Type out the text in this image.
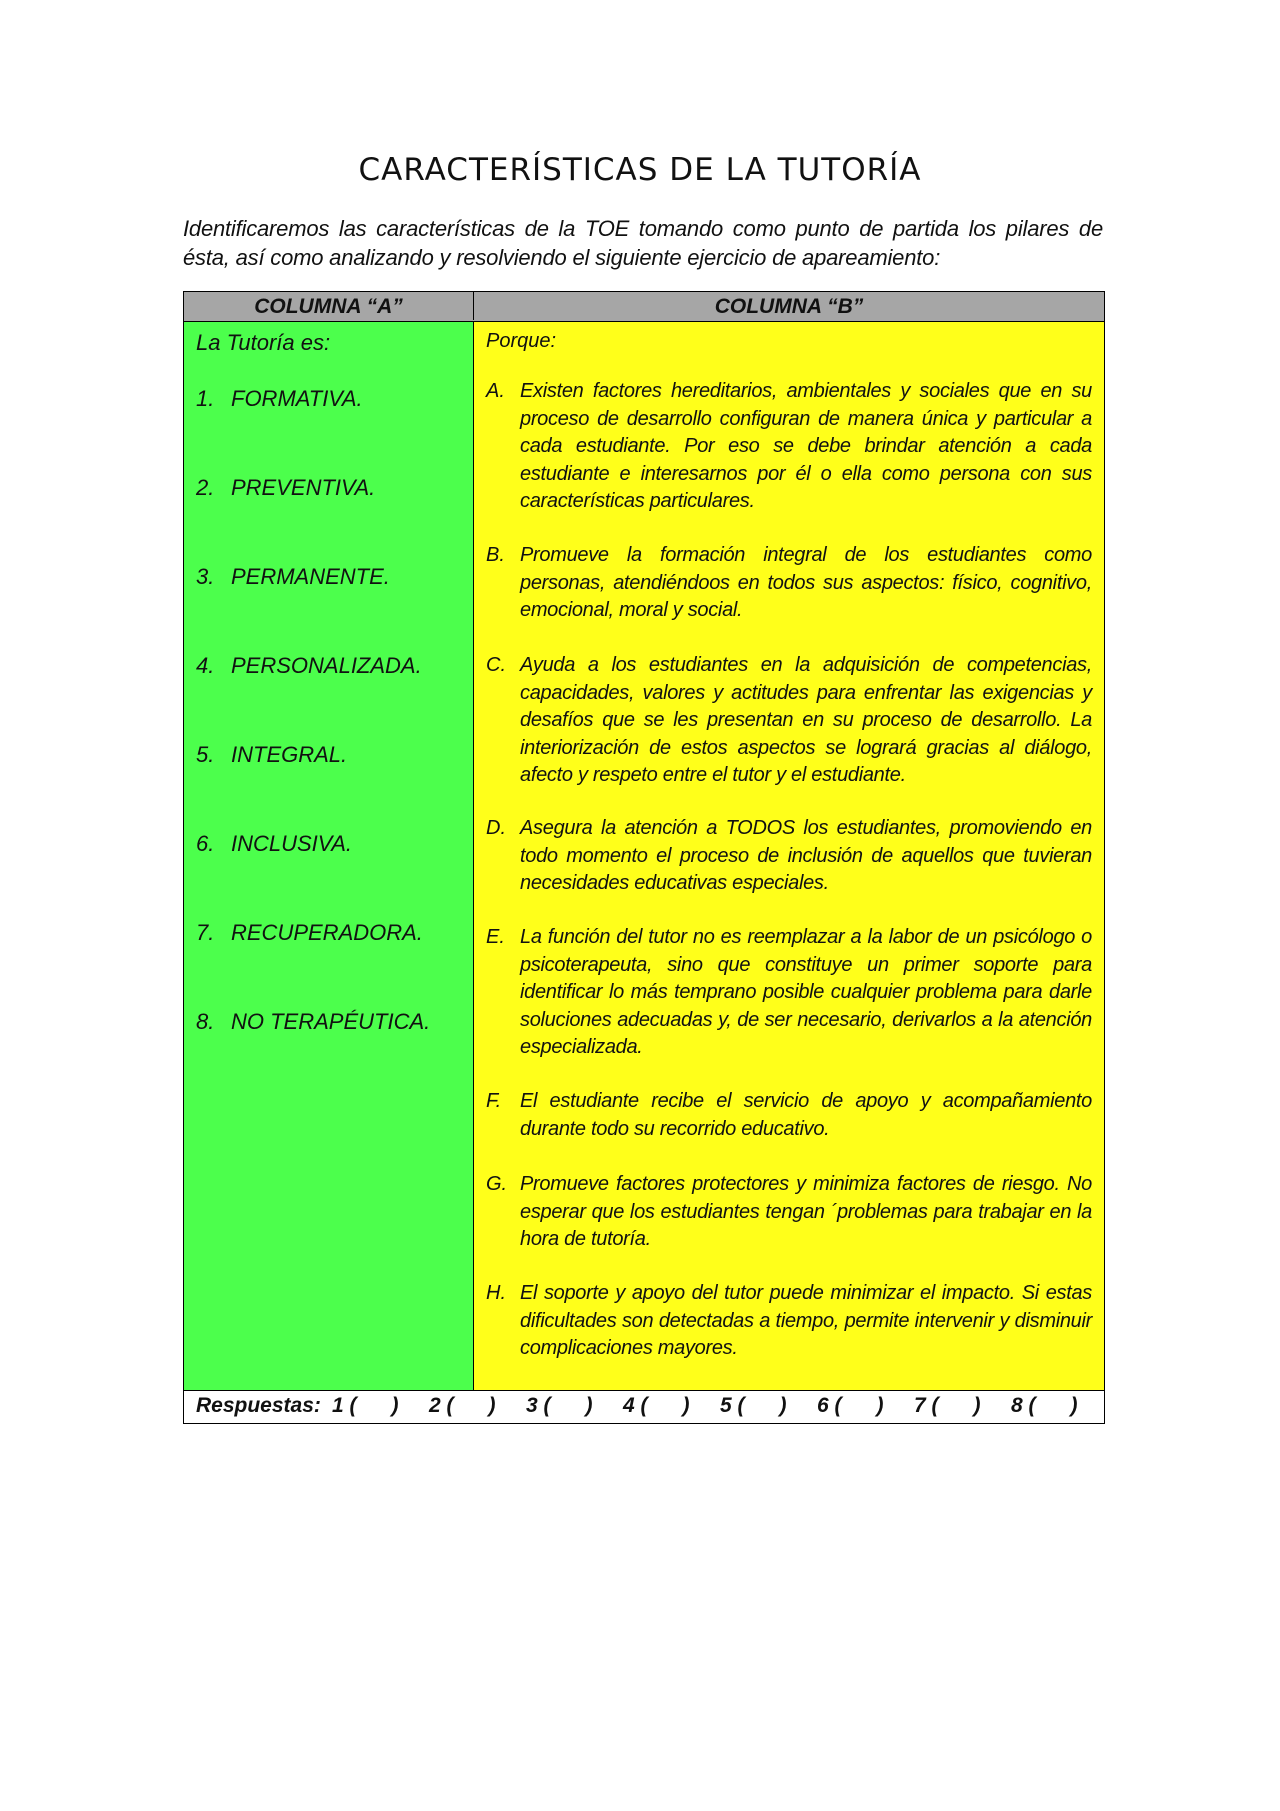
CARACTERÍSTICAS DE LA TUTORÍA
Identificaremos las características de la TOE tomando como punto de partida los pilares de ésta, así como analizando y resolviendo el siguiente ejercicio de apareamiento:
COLUMNA “A”	COLUMNA “B”
La Tutoría es:
1. FORMATIVA.
2. PREVENTIVA.
3. PERMANENTE.
4. PERSONALIZADA.
5. INTEGRAL.
6. INCLUSIVA.
7. RECUPERADORA.
8. NO TERAPÉUTICA.
Porque:
A. Existen factores hereditarios, ambientales y sociales que en su proceso de desarrollo configuran de manera única y particular a cada estudiante. Por eso se debe brindar atención a cada estudiante e interesarnos por él o ella como persona con sus características particulares.
B. Promueve la formación integral de los estudiantes como personas, atendiéndoos en todos sus aspectos: físico, cognitivo, emocional, moral y social.
C. Ayuda a los estudiantes en la adquisición de competencias, capacidades, valores y actitudes para enfrentar las exigencias y desafíos que se les presentan en su proceso de desarrollo. La interiorización de estos aspectos se logrará gracias al diálogo, afecto y respeto entre el tutor y el estudiante.
D. Asegura la atención a TODOS los estudiantes, promoviendo en todo momento el proceso de inclusión de aquellos que tuvieran necesidades educativas especiales.
E. La función del tutor no es reemplazar a la labor de un psicólogo o psicoterapeuta, sino que constituye un primer soporte para identificar lo más temprano posible cualquier problema para darle soluciones adecuadas y, de ser necesario, derivarlos a la atención especializada.
F. El estudiante recibe el servicio de apoyo y acompañamiento durante todo su recorrido educativo.
G. Promueve factores protectores y minimiza factores de riesgo. No esperar que los estudiantes tengan ´problemas para trabajar en la hora de tutoría.
H. El soporte y apoyo del tutor puede minimizar el impacto. Si estas dificultades son detectadas a tiempo, permite intervenir y disminuir complicaciones mayores.
Respuestas: 1 (      ) 2 (      ) 3 (      ) 4 (      ) 5 (      ) 6 (      ) 7 (      ) 8 (      )
